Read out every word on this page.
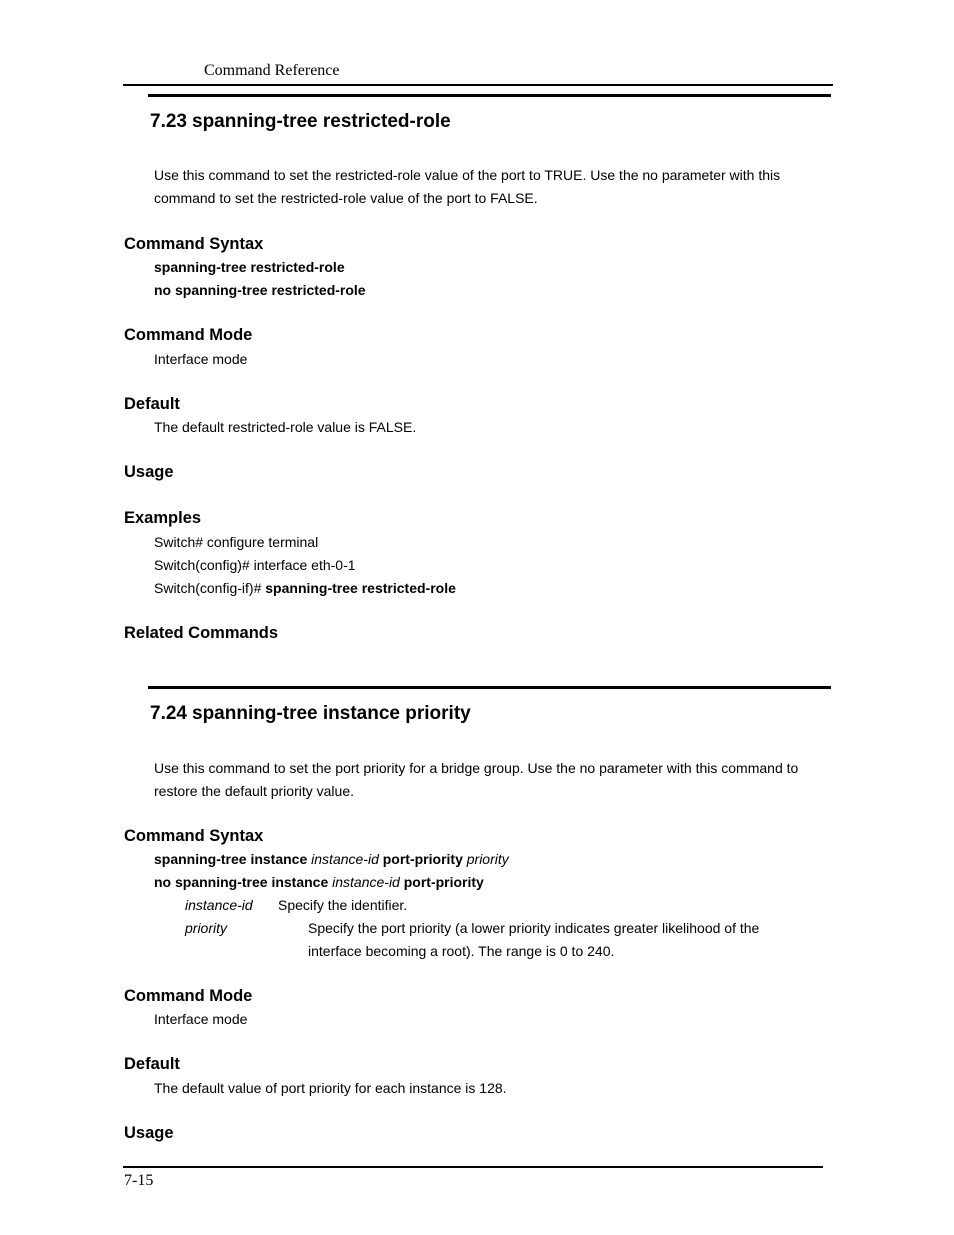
Command Reference
7.23 spanning-tree restricted-role
Use this command to set the restricted-role value of the port to TRUE. Use the no parameter with this command to set the restricted-role value of the port to FALSE.
Command Syntax
spanning-tree restricted-role
no spanning-tree restricted-role
Command Mode
Interface mode
Default
The default restricted-role value is FALSE.
Usage
Examples
Switch# configure terminal
Switch(config)# interface eth-0-1
Switch(config-if)# spanning-tree restricted-role
Related Commands
7.24 spanning-tree instance priority
Use this command to set the port priority for a bridge group. Use the no parameter with this command to restore the default priority value.
Command Syntax
spanning-tree instance instance-id port-priority priority
no spanning-tree instance instance-id port-priority
instance-id Specify the identifier.
priority	Specify the port priority (a lower priority indicates greater likelihood of the interface becoming a root). The range is 0 to 240.
Command Mode
Interface mode
Default
The default value of port priority for each instance is 128.
Usage
7-15
